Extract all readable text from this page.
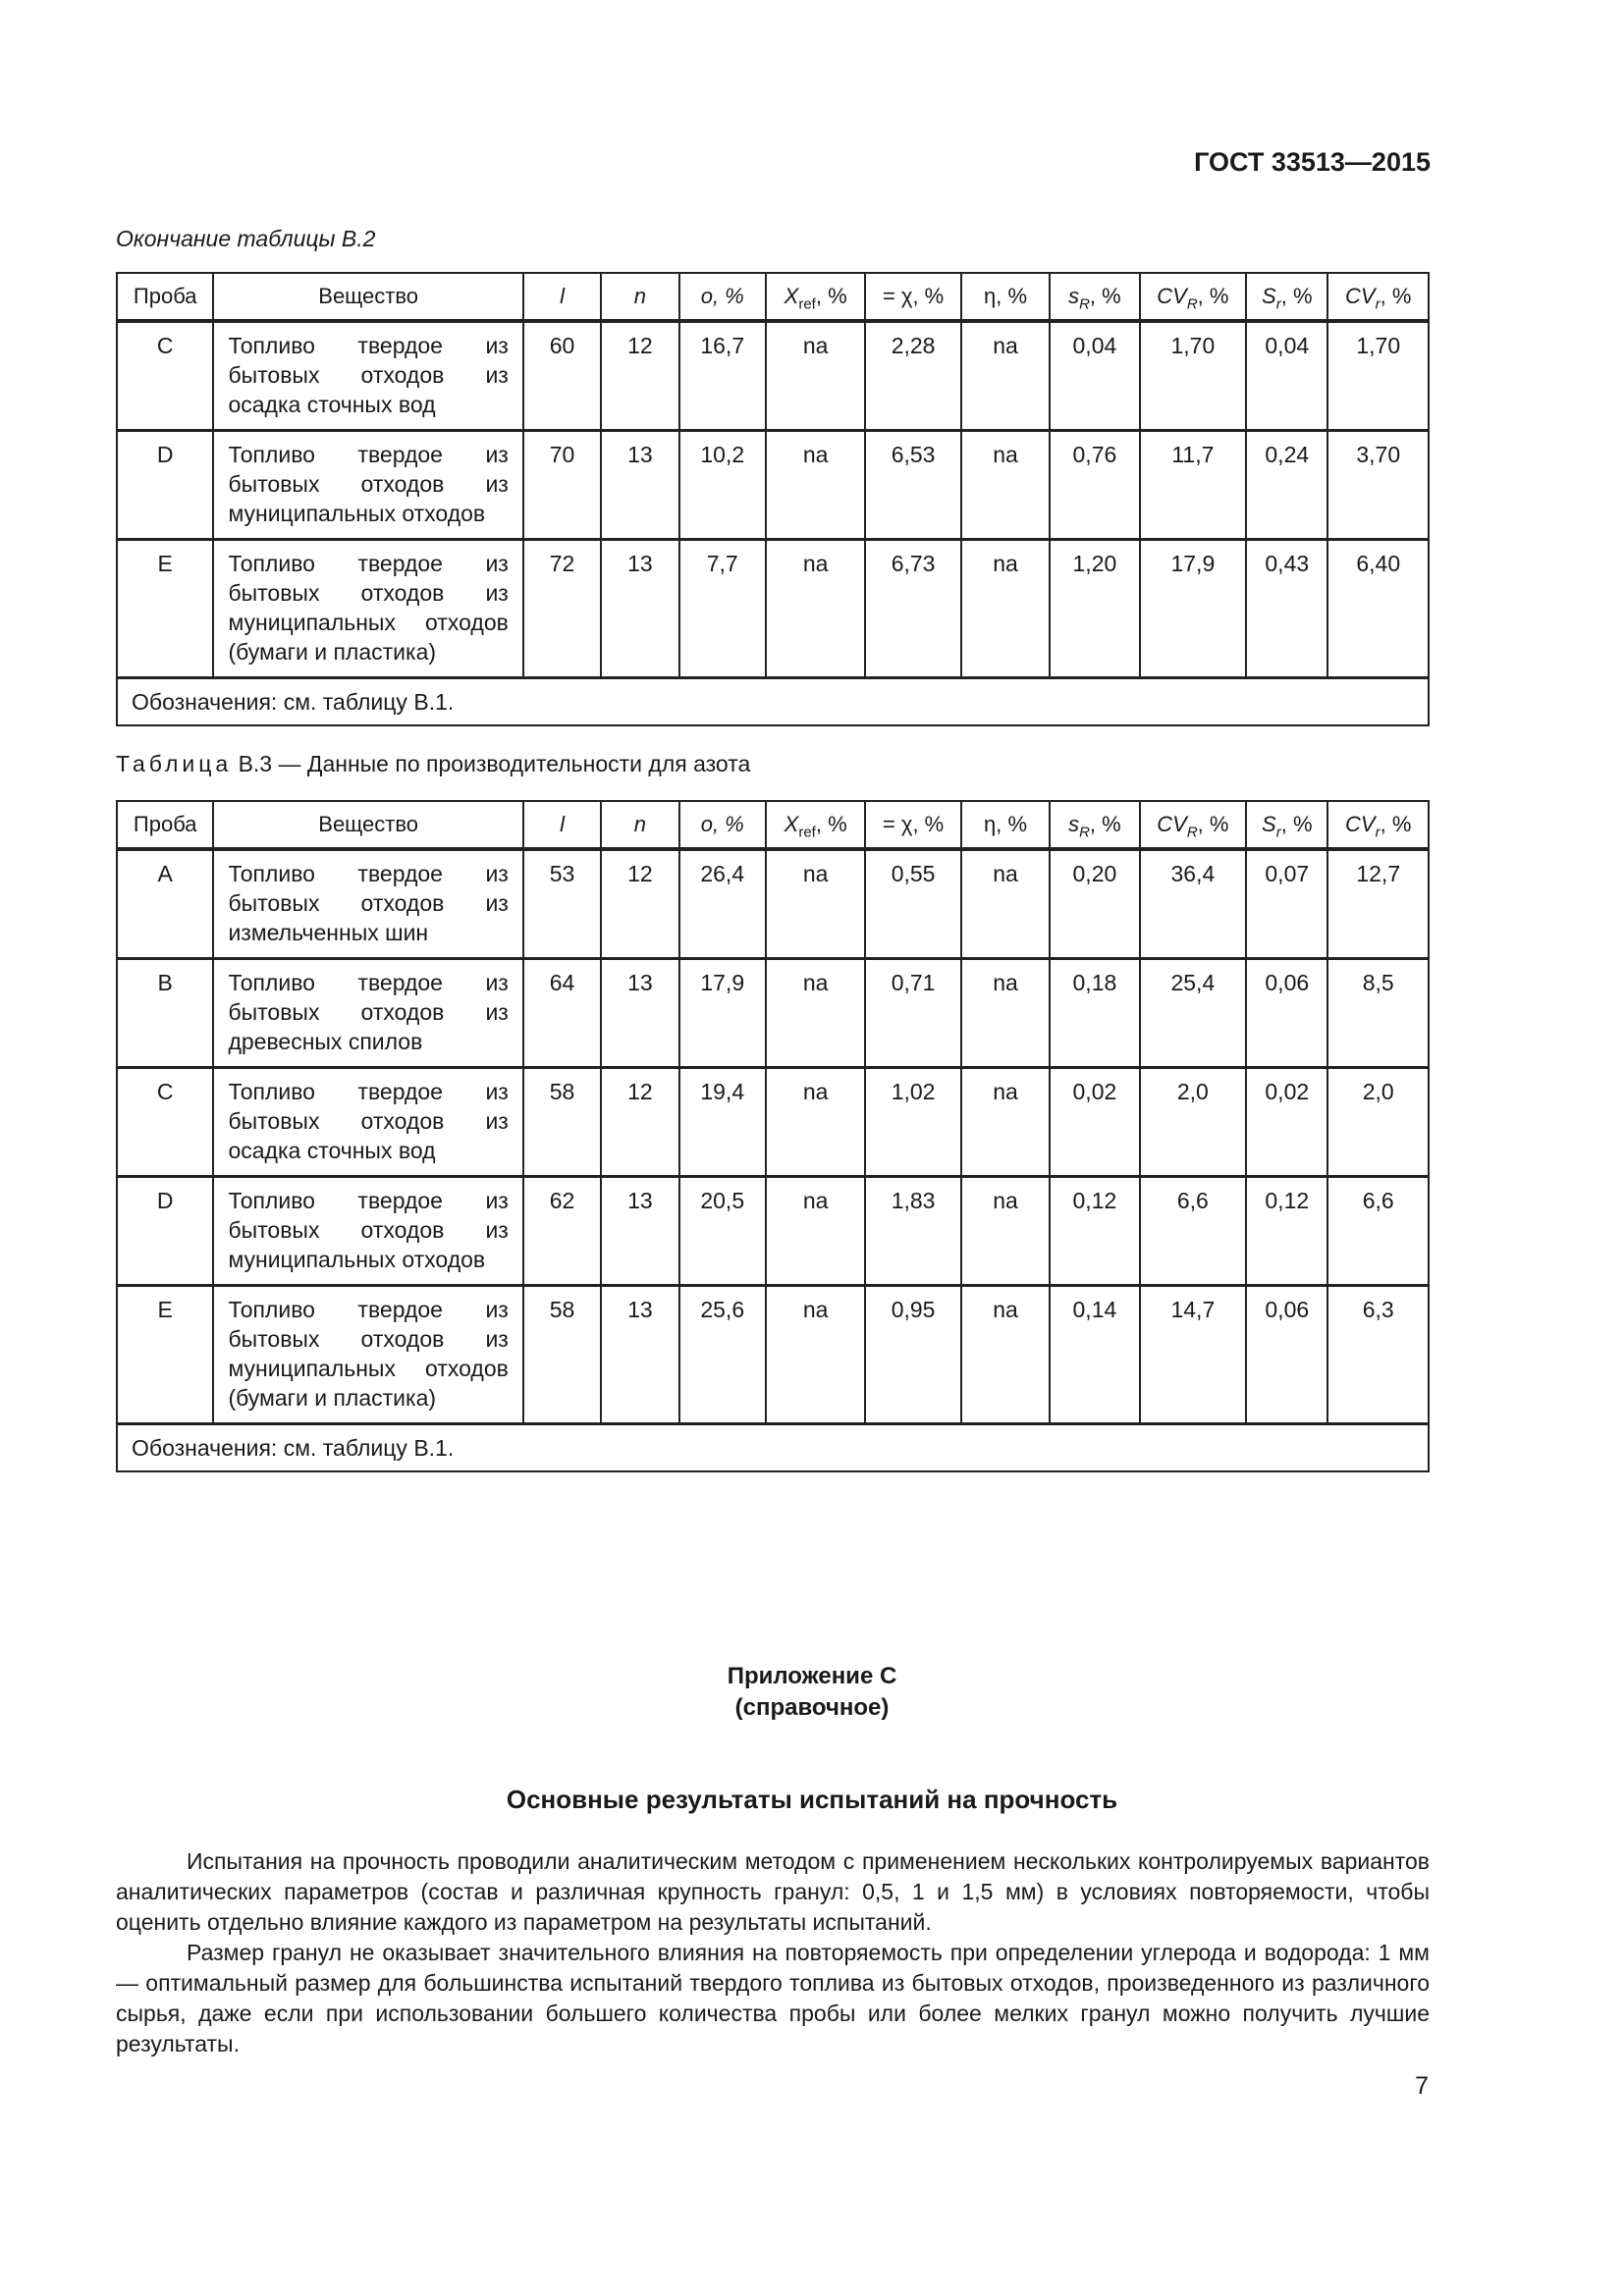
ГОСТ 33513—2015
Окончание таблицы В.2
Проба	Вещество	l	n	o, %	$X_{ref}$, %	= χ, %	η, %	$s_R$, %	$CV_R$, %	$S_r$, %	$CV_r$, %
C	Топливо твердое из бытовых отходов из осадка сточных вод	60	12	16,7	na	2,28	na	0,04	1,70	0,04	1,70
D	Топливо твердое из бытовых отходов из муниципальных отходов	70	13	10,2	na	6,53	na	0,76	11,7	0,24	3,70
E	Топливо твердое из бытовых отходов из муниципальных отходов (бумаги и пластика)	72	13	7,7	na	6,73	na	1,20	17,9	0,43	6,40
Обозначения: см. таблицу В.1.											
Таблица В.3 — Данные по производительности для азота
Проба	Вещество	l	n	o, %	$X_{ref}$, %	= χ, %	η, %	$s_R$, %	$CV_R$, %	$S_r$, %	$CV_r$, %
A	Топливо твердое из бытовых отходов из измельченных шин	53	12	26,4	na	0,55	na	0,20	36,4	0,07	12,7
B	Топливо твердое из бытовых отходов из древесных спилов	64	13	17,9	na	0,71	na	0,18	25,4	0,06	8,5
C	Топливо твердое из бытовых отходов из осадка сточных вод	58	12	19,4	na	1,02	na	0,02	2,0	0,02	2,0
D	Топливо твердое из бытовых отходов из муниципальных отходов	62	13	20,5	na	1,83	na	0,12	6,6	0,12	6,6
E	Топливо твердое из бытовых отходов из муниципальных отходов (бумаги и пластика)	58	13	25,6	na	0,95	na	0,14	14,7	0,06	6,3
Обозначения: см. таблицу В.1.											
Приложение С
(справочное)
Основные результаты испытаний на прочность

Испытания на прочность проводили аналитическим методом с применением нескольких контролируемых вариантов аналитических параметров (состав и различная крупность гранул: 0,5, 1 и 1,5 мм) в условиях повторяемости, чтобы оценить отдельно влияние каждого из параметром на результаты испытаний.

Размер гранул не оказывает значительного влияния на повторяемость при определении углерода и водорода: 1 мм — оптимальный размер для большинства испытаний твердого топлива из бытовых отходов, произведенного из различного сырья, даже если при использовании большего количества пробы или более мелких гранул можно получить лучшие результаты.

7
